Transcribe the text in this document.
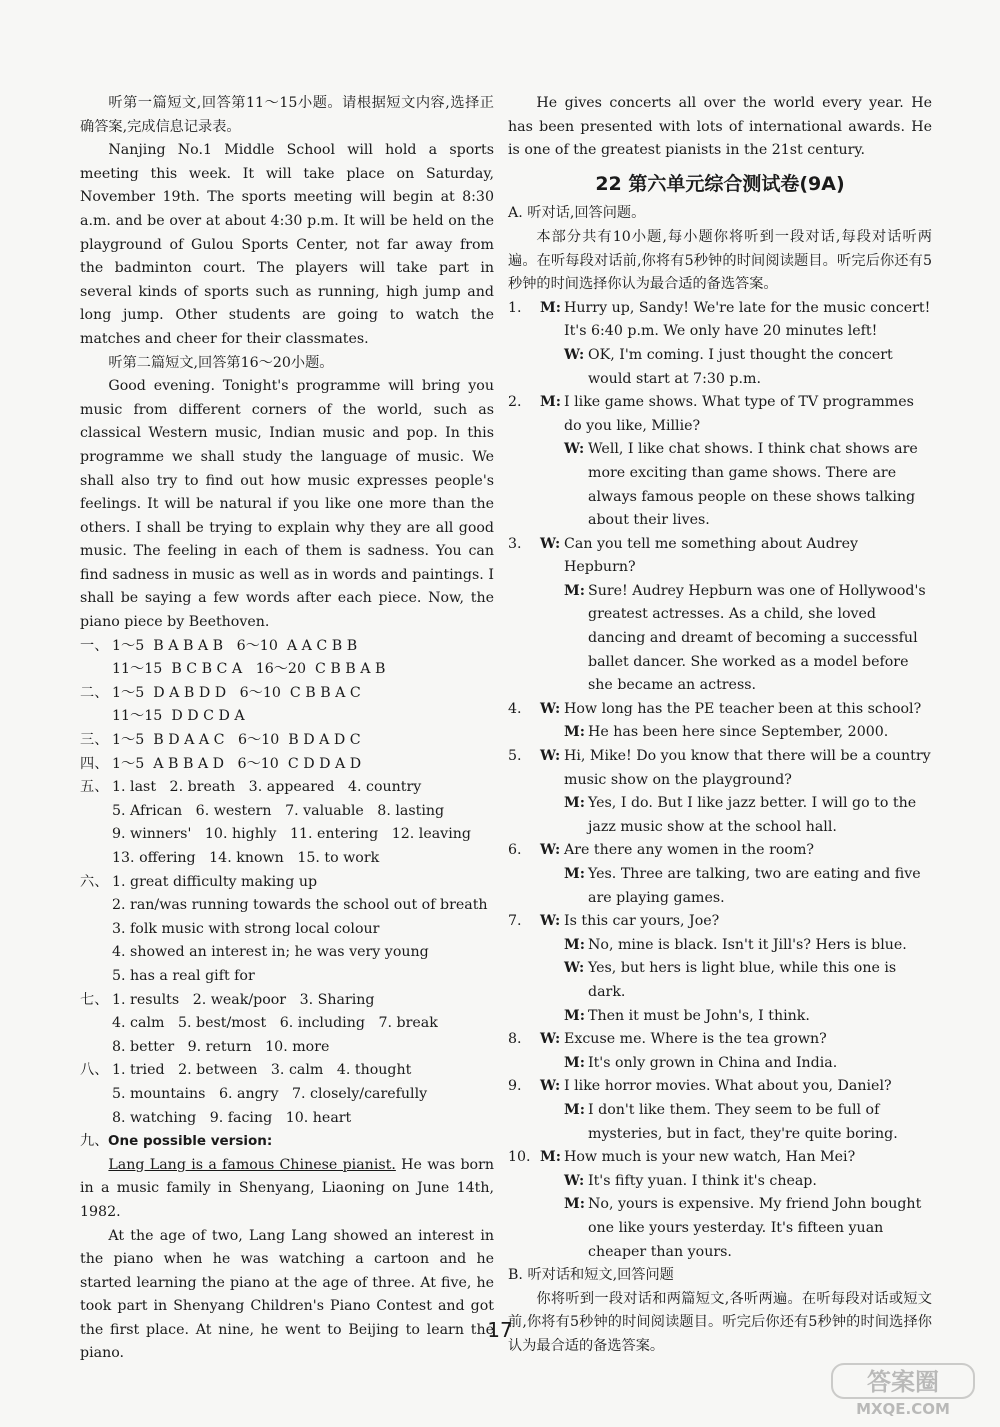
听第一篇短文,回答第11～15小题。请根据短文内容,选择正确答案,完成信息记录表。

Nanjing No.1 Middle School will hold a sports meeting this week. It will take place on Saturday, November 19th. The sports meeting will begin at 8:30 a.m. and be over at about 4:30 p.m. It will be held on the playground of Gulou Sports Center, not far away from the badminton court. The players will take part in several kinds of sports such as running, high jump and long jump. Other students are going to watch the matches and cheer for their classmates.

听第二篇短文,回答第16～20小题。

Good evening. Tonight's programme will bring you music from different corners of the world, such as classical Western music, Indian music and pop. In this programme we shall study the language of music. We shall also try to find out how music expresses people's feelings. It will be natural if you like one more than the others. I shall be trying to explain why they are all good music. The feeling in each of them is sadness. You can find sadness in music as well as in words and paintings. I shall be saying a few words after each piece. Now, the piano piece by Beethoven.

一、 1～5  B A B A B   6～10  A A C B B
11～15  B C B C A   16～20  C B B A B
二、 1～5  D A B D D   6～10  C B B A C
11～15  D D C D A
三、 1～5  B D A A C   6～10  B D A D C
四、 1～5  A B B A D   6～10  C D D A D
五、 1. last   2. breath   3. appeared   4. country
5. African   6. western   7. valuable   8. lasting
9. winners'   10. highly   11. entering   12. leaving
13. offering   14. known   15. to work
六、 1. great difficulty making up
2. ran/was running towards the school out of breath
3. folk music with strong local colour
4. showed an interest in; he was very young
5. has a real gift for
七、 1. results   2. weak/poor   3. Sharing
4. calm   5. best/most   6. including   7. break
8. better   9. return   10. more
八、 1. tried   2. between   3. calm   4. thought
5. mountains   6. angry   7. closely/carefully
8. watching   9. facing   10. heart
九、 One possible version:

Lang Lang is a famous Chinese pianist. He was born in a music family in Shenyang, Liaoning on June 14th, 1982.

At the age of two, Lang Lang showed an interest in the piano when he was watching a cartoon and he started learning the piano at the age of three. At five, he took part in Shenyang Children's Piano Contest and got the first place. At nine, he went to Beijing to learn the piano.

He gives concerts all over the world every year. He has been presented with lots of international awards. He is one of the greatest pianists in the 21st century.

22 第六单元综合测试卷(9A)

A. 听对话,回答问题。

本部分共有10小题,每小题你将听到一段对话,每段对话听两遍。在听每段对话前,你将有5秒钟的时间阅读题目。听完后你还有5秒钟的时间选择你认为最合适的备选答案。

1.	M: Hurry up, Sandy! We're late for the music concert! It's 6:40 p.m. We only have 20 minutes left!
W: OK, I'm coming. I just thought the concert would start at 7:30 p.m.
2.	M: I like game shows. What type of TV programmes do you like, Millie?
W: Well, I like chat shows. I think chat shows are more exciting than game shows. There are always famous people on these shows talking about their lives.
3.	W: Can you tell me something about Audrey Hepburn?
M: Sure! Audrey Hepburn was one of Hollywood's greatest actresses. As a child, she loved dancing and dreamt of becoming a successful ballet dancer. She worked as a model before she became an actress.
4.	W: How long has the PE teacher been at this school?
M: He has been here since September, 2000.
5.	W: Hi, Mike! Do you know that there will be a country music show on the playground?
M: Yes, I do. But I like jazz better. I will go to the jazz music show at the school hall.
6.	W: Are there any women in the room?
M: Yes. Three are talking, two are eating and five are playing games.
7.	W: Is this car yours, Joe?
M: No, mine is black. Isn't it Jill's? Hers is blue.
W: Yes, but hers is light blue, while this one is dark.
M: Then it must be John's, I think.
8.	W: Excuse me. Where is the tea grown?
M: It's only grown in China and India.
9.	W: I like horror movies. What about you, Daniel?
M: I don't like them. They seem to be full of mysteries, but in fact, they're quite boring.
10. M: How much is your new watch, Han Mei?
W: It's fifty yuan. I think it's cheap.
M: No, yours is expensive. My friend John bought one like yours yesterday. It's fifteen yuan cheaper than yours.

B. 听对话和短文,回答问题

你将听到一段对话和两篇短文,各听两遍。在听每段对话或短文前,你将有5秒钟的时间阅读题目。听完后你还有5秒钟的时间选择你认为最合适的备选答案。

17
答案圈
MXQE.COM
